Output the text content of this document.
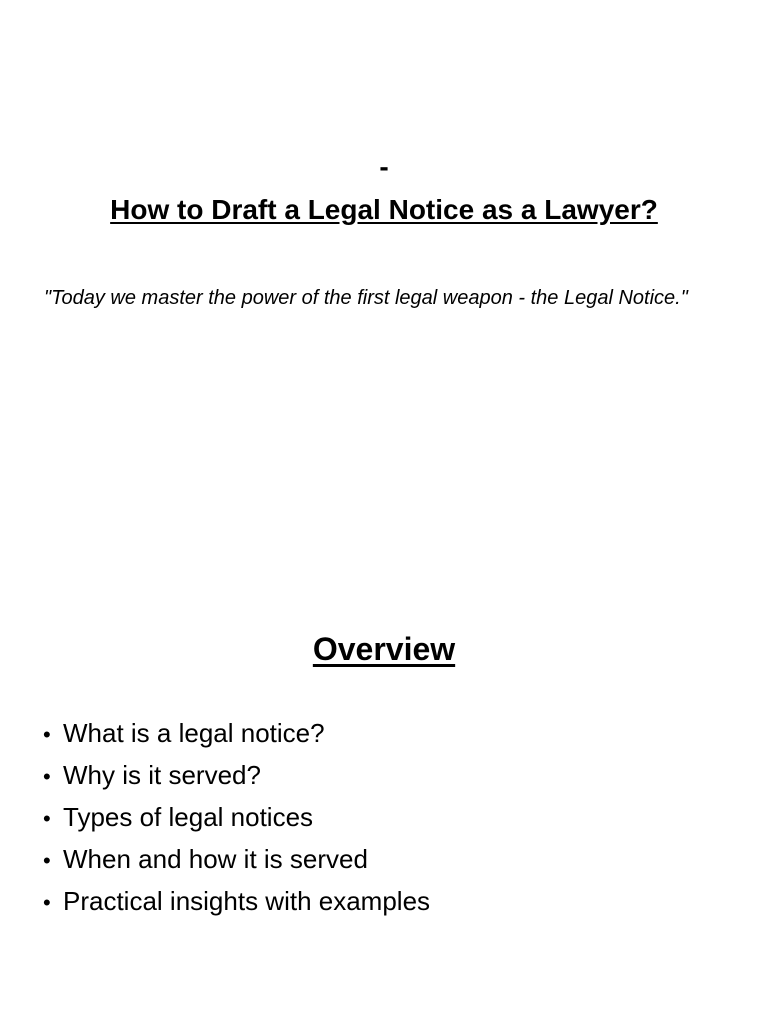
-
How to Draft a Legal Notice as a Lawyer?
"Today we master the power of the first legal weapon - the Legal Notice."
Overview
• What is a legal notice?
• Why is it served?
• Types of legal notices
• When and how it is served
• Practical insights with examples
